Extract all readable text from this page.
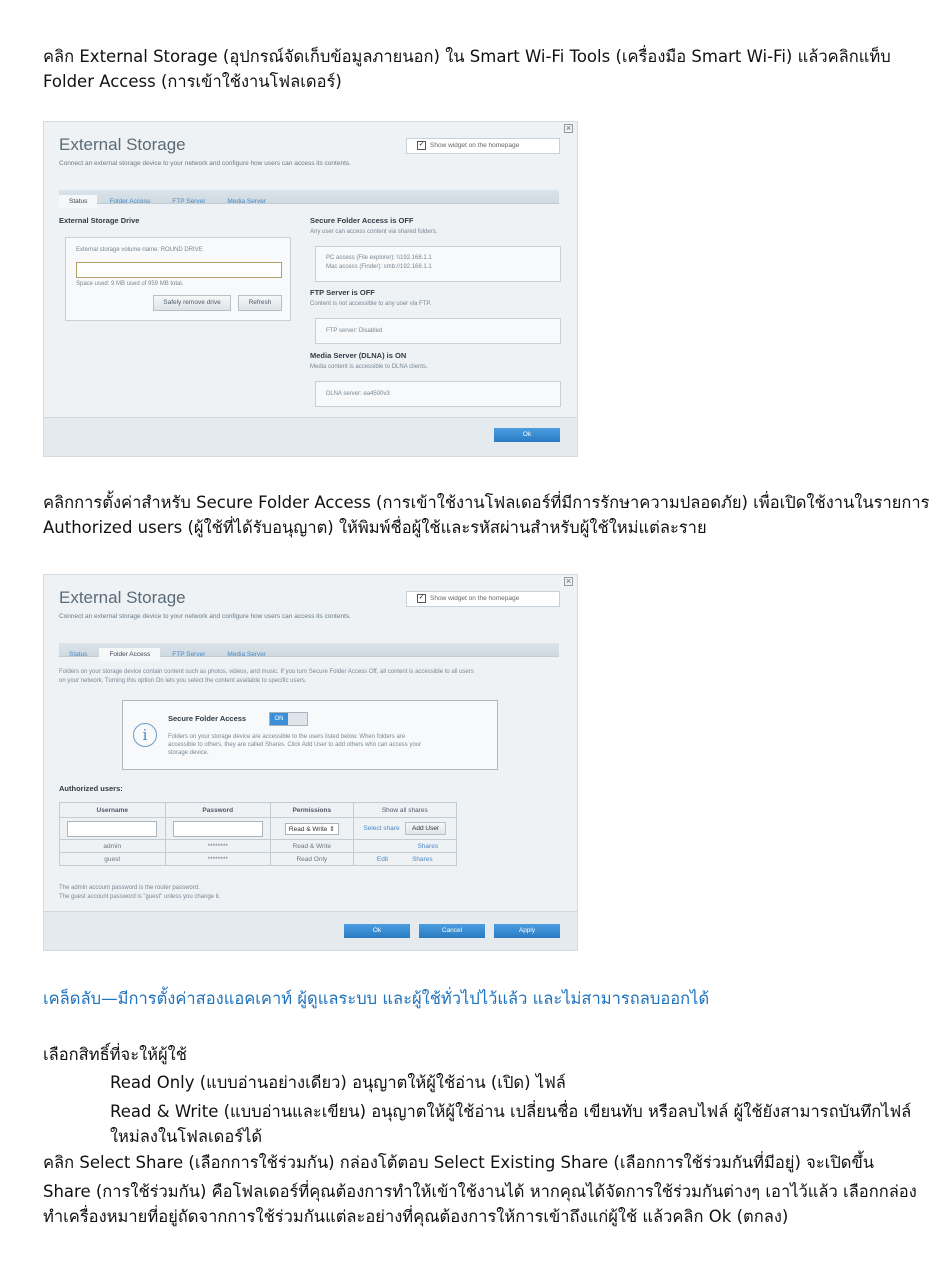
คลิก External Storage (อุปกรณ์จัดเก็บข้อมูลภายนอก) ใน Smart Wi-Fi Tools (เครื่องมือ Smart Wi-Fi) แล้วคลิกแท็บ Folder Access (การเข้าใช้งานโฟลเดอร์)
×
External Storage
Connect an external storage device to your network and configure how users can access its contents.
✓ Show widget on the homepage
Status	Folder Access	FTP Server	Media Server
External Storage Drive
External storage volume name: ROUND DRIVE
Space used: 9 MB used of 959 MB total.
Safely remove drive	Refresh
Secure Folder Access is OFF
Any user can access content via shared folders.
PC access (File explorer): \\192.168.1.1
Mac access (Finder): smb://192.168.1.1
FTP Server is OFF
Content is not accessible to any user via FTP.
FTP server: Disabled
Media Server (DLNA) is ON
Media content is accessible to DLNA clients.
DLNA server: ea4500v3
Ok
คลิกการตั้งค่าสำหรับ Secure Folder Access (การเข้าใช้งานโฟลเดอร์ที่มีการรักษาความปลอดภัย) เพื่อเปิดใช้งานในรายการ Authorized users (ผู้ใช้ที่ได้รับอนุญาต) ให้พิมพ์ชื่อผู้ใช้และรหัสผ่านสำหรับผู้ใช้ใหม่แต่ละราย
×
External Storage
Connect an external storage device to your network and configure how users can access its contents.
✓ Show widget on the homepage
Status	Folder Access	FTP Server	Media Server
Folders on your storage device contain content such as photos, videos, and music. If you turn Secure Folder Access Off, all content is accessible to all users
on your network. Turning this option On lets you select the content available to specific users.
i
Secure Folder Access	ON
Folders on your storage device are accessible to the users listed below. When folders are
accessible to others, they are called Shares. Click Add User to add others who can access your
storage device.
Authorized users:
Username	Password	Permissions	Show all shares
		Read & Write ⇕	Select share Add User
admin	********	Read & Write	Shares
guest	********	Read Only	Edit Shares
The admin account password is the router password.
The guest account password is "guest" unless you change it.
Ok	Cancel	Apply
เคล็ดลับ—มีการตั้งค่าสองแอคเคาท์ ผู้ดูแลระบบ และผู้ใช้ทั่วไปไว้แล้ว และไม่สามารถลบออกได้
เลือกสิทธิ์ที่จะให้ผู้ใช้
Read Only (แบบอ่านอย่างเดียว) อนุญาตให้ผู้ใช้อ่าน (เปิด) ไฟล์
Read & Write (แบบอ่านและเขียน) อนุญาตให้ผู้ใช้อ่าน เปลี่ยนชื่อ เขียนทับ หรือลบไฟล์ ผู้ใช้ยังสามารถบันทึกไฟล์ใหม่ลงในโฟลเดอร์ได้
คลิก Select Share (เลือกการใช้ร่วมกัน) กล่องโต้ตอบ Select Existing Share (เลือกการใช้ร่วมกันที่มีอยู่) จะเปิดขึ้น
Share (การใช้ร่วมกัน) คือโฟลเดอร์ที่คุณต้องการทำให้เข้าใช้งานได้ หากคุณได้จัดการใช้ร่วมกันต่างๆ เอาไว้แล้ว เลือกกล่องทำเครื่องหมายที่อยู่ถัดจากการใช้ร่วมกันแต่ละอย่างที่คุณต้องการให้การเข้าถึงแก่ผู้ใช้ แล้วคลิก Ok (ตกลง)
